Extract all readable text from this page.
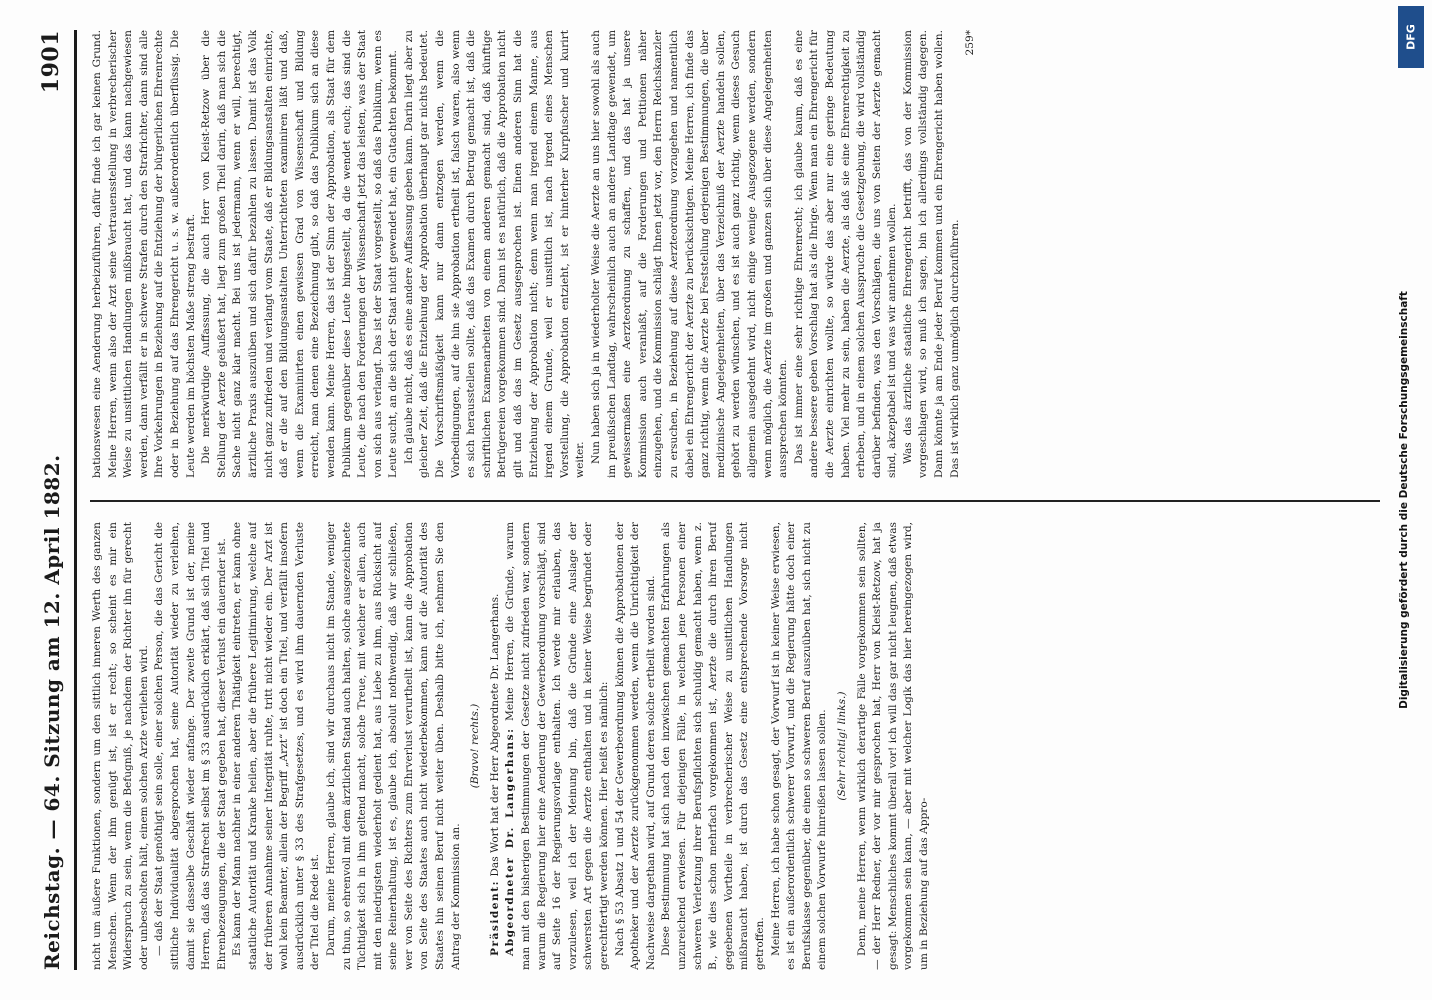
Reichstag. — 64. Sitzung am 12. April 1882.
1901

nicht um äußere Funktionen, sondern um den sittlich inneren Werth des ganzen Menschen. Wenn der ihm genügt ist, ist er recht; so scheint es mir ein Widerspruch zu sein, wenn die Befugniß, je nachdem der Richter ihn für gerecht oder unbescholten hält, einem solchen Arzte verliehen wird. — daß der Staat genöthigt sein solle, einer solchen Person, die das Gericht die sittliche Individualität abgesprochen hat, seine Autorität wieder zu verleihen, damit sie dasselbe Geschäft wieder anfange. Der zweite Grund ist der, meine Herren, daß das Strafrecht selbst im § 33 ausdrücklich erklärt, daß sich Titel und Ehrenbezeugungen, die der Staat gegeben hat, dieser Verlust ein dauernder ist. Es kann der Mann nachher in einer anderen Thätigkeit eintreten, er kann ohne staatliche Autorität und Kranke heilen, aber die frühere Legitimirung, welche auf der früheren Annahme seiner Integrität ruhte, tritt nicht wieder ein. Der Arzt ist wohl kein Beamter, allein der Begriff „Arzt“ ist doch ein Titel, und verfällt insofern ausdrücklich unter § 33 des Strafgesetzes, und es wird ihm dauernden Verluste der Titel die Rede ist. Darum, meine Herren, glaube ich, sind wir durchaus nicht im Stande, weniger zu thun, so ehrenvoll mit dem ärztlichen Stand auch halten, solche ausgezeichnete Tüchtigkeit sich in ihm geltend macht, solche Treue, mit welcher er allen, auch mit den niedrigsten wiederholt gedient hat, aus Liebe zu ihm, aus Rücksicht auf seine Reinerhaltung, ist es, glaube ich, absolut nothwendig, daß wir schließen, wer von Seite des Richters zum Ehrverlust verurtheilt ist, kann die Approbation von Seite des Staates auch nicht wiederbekommen, kann auf die Autorität des Staates hin seinen Beruf nicht weiter üben. Deshalb bitte ich, nehmen Sie den Antrag der Kommission an.

(Bravo! rechts.)

Präsident: Das Wort hat der Herr Abgeordnete Dr. Langerhans. Abgeordneter Dr. Langerhans: Meine Herren, die Gründe, warum man mit den bisherigen Bestimmungen der Gesetze nicht zufrieden war, sondern warum die Regierung hier eine Aenderung der Gewerbeordnung vorschlägt, sind auf Seite 16 der Regierungsvorlage enthalten. Ich werde mir erlauben, das vorzulesen, weil ich der Meinung bin, daß die Gründe eine Auslage der schwersten Art gegen die Aerzte enthalten und in keiner Weise begründet oder gerechtfertigt werden können. Hier heißt es nämlich: Nach § 53 Absatz 1 und 54 der Gewerbeordnung können die Approbationen der Apotheker und der Aerzte zurückgenommen werden, wenn die Unrichtigkeit der Nachweise dargethan wird, auf Grund deren solche ertheilt worden sind. Diese Bestimmung hat sich nach den inzwischen gemachten Erfahrungen als unzureichend erwiesen. Für diejenigen Fälle, in welchen jene Personen einer schweren Verletzung ihrer Berufspflichten sich schuldig gemacht haben, wenn z. B., wie dies schon mehrfach vorgekommen ist, Aerzte die durch ihren Beruf gegebenen Vortheile in verbrecherischer Weise zu unsittlichen Handlungen mißbraucht haben, ist durch das Gesetz eine entsprechende Vorsorge nicht getroffen. Meine Herren, ich habe schon gesagt, der Vorwurf ist in keiner Weise erwiesen, es ist ein außerordentlich schwerer Vorwurf, und die Regierung hätte doch einer Berufsklasse gegenüber, die einen so schweren Beruf auszuüben hat, sich nicht zu einem solchen Vorwurfe hinreißen lassen sollen. (Sehr richtig! links.) Denn, meine Herren, wenn wirklich derartige Fälle vorgekommen sein sollten, — der Herr Redner, der vor mir gesprochen hat, Herr von Kleist-Retzow, hat ja gesagt: Menschliches kommt überall vor! ich will das gar nicht leugnen, daß etwas vorgekommen sein kann, — aber mit welcher Logik das hier hereingezogen wird, um in Beziehung auf das Appro-

bationswesen eine Aenderung herbeizuführen, dafür finde ich gar keinen Grund. Meine Herren, wenn also der Arzt seine Vertrauensstellung in verbrecherischer Weise zu unsittlichen Handlungen mißbraucht hat, und das kann nachgewiesen werden, dann verfällt er in schwere Strafen durch den Strafrichter, dann sind alle Ihre Vorkehrungen in Beziehung auf die Entziehung der bürgerlichen Ehrenrechte oder in Beziehung auf das Ehrengericht u. s. w. außerordentlich überflüssig. Die Leute werden im höchsten Maße streng bestraft. Die merkwürdige Auffassung, die auch Herr von Kleist-Retzow über die Stellung der Aerzte geäußert hat, liegt zum großen Theil darin, daß man sich die Sache nicht ganz klar macht. Bei uns ist jedermann, wenn er will, berechtigt, ärztliche Praxis auszuüben und sich dafür bezahlen zu lassen. Damit ist das Volk nicht ganz zufrieden und verlangt vom Staate, daß er Bildungsanstalten einrichte, daß er die auf den Bildungsanstalten Unterrichteten examiniren läßt und daß, wenn die Examinirten einen gewissen Grad von Wissenschaft und Bildung erreicht, man denen eine Bezeichnung gibt, so daß das Publikum sich an diese wenden kann. Meine Herren, das ist der Sinn der Approbation, als Staat für dem Publikum gegenüber diese Leute hingestellt, da die wendet euch; das sind die Leute, die nach den Forderungen der Wissenschaft jetzt das leisten, was der Staat von sich aus verlangt. Das ist der Staat vorgestellt, so daß das Publikum, wenn es Leute sucht, an die sich der Staat nicht gewendet hat, ein Gutachten bekommt. Ich glaube nicht, daß es eine andere Auffassung geben kann. Darin liegt aber zu gleicher Zeit, daß die Entziehung der Approbation überhaupt gar nichts bedeutet. Die Vorschriftsmäßigkeit kann nur dann entzogen werden, wenn die Vorbedingungen, auf die hin sie Approbation ertheilt ist, falsch waren, also wenn es sich herausstellen sollte, daß das Examen durch Betrug gemacht ist, daß die schriftlichen Examenarbeiten von einem anderen gemacht sind, daß künftige Betrügereien vorgekommen sind. Dann ist es natürlich, daß die Approbation nicht gilt und daß das im Gesetz ausgesprochen ist. Einen anderen Sinn hat die Entziehung der Approbation nicht; denn wenn man irgend einem Manne, aus irgend einem Grunde, weil er unsittlich ist, nach irgend eines Menschen Vorstellung, die Approbation entzieht, ist er hinterher Kurpfuscher und kurirt weiter. Nun haben sich ja in wiederholter Weise die Aerzte an uns hier sowohl als auch im preußischen Landtag, wahrscheinlich auch an andere Landtage gewendet, um gewissermaßen eine Aerzteordnung zu schaffen, und das hat ja unsere Kommission auch veranlaßt, auf die Forderungen und Petitionen näher einzugehen, und die Kommission schlägt Ihnen jetzt vor, den Herrn Reichskanzler zu ersuchen, in Beziehung auf diese Aerzteordnung vorzugehen und namentlich dabei ein Ehrengericht der Aerzte zu berücksichtigen. Meine Herren, ich finde das ganz richtig, wenn die Aerzte bei Feststellung derjenigen Bestimmungen, die über medizinische Angelegenheiten, über das Verzeichniß der Aerzte handeln sollen, gehört zu werden wünschen, und es ist auch ganz richtig, wenn dieses Gesuch allgemein ausgedehnt wird, nicht einige wenige Ausgezogene werden, sondern wenn möglich, die Aerzte im großen und ganzen sich über diese Angelegenheiten aussprechen könnten. Das ist immer eine sehr richtige Ehrenrecht; ich glaube kaum, daß es eine andere bessere geben Vorschlag hat als die Ihrige. Wenn man ein Ehrengericht für die Aerzte einrichten wollte, so würde das aber nur eine geringe Bedeutung haben. Viel mehr zu sein, haben die Aerzte, als daß sie eine Ehrenrechtigkeit zu erheben, und in einem solchen Ausspruche die Gesetzgebung, die wird vollständig darüber befinden, was den Vorschlägen, die uns von Seiten der Aerzte gemacht sind, akzeptabel ist und was wir annehmen wollen. Was das ärztliche staatliche Ehrengericht betrifft, das von der Kommission vorgeschlagen wird, so muß ich sagen, bin ich allerdings vollständig dagegen. Dann könnte ja am Ende jeder Beruf kommen und ein Ehrengericht haben wollen. Das ist wirklich ganz unmöglich durchzuführen.

259*

Digitalisierung gefördert durch die Deutsche Forschungsgemeinschaft
DFG
